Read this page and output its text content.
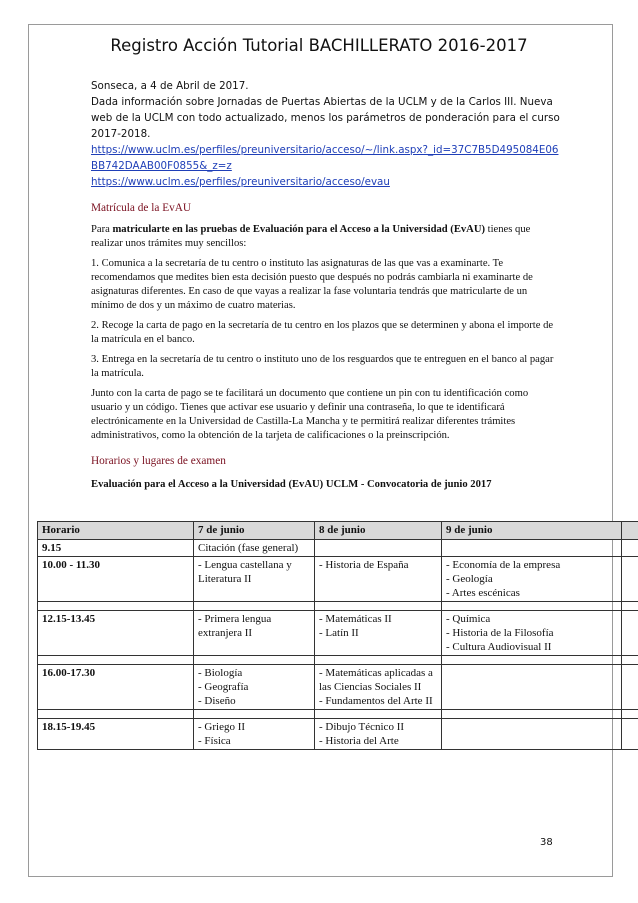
Registro Acción Tutorial BACHILLERATO 2016-2017

Sonseca, a 4 de Abril de 2017.

Dada información sobre Jornadas de Puertas Abiertas de la UCLM y de la Carlos III. Nueva web de la UCLM con todo actualizado, menos los parámetros de ponderación para el curso 2017-2018.

https://www.uclm.es/perfiles/preuniversitario/acceso/~/link.aspx?_id=37C7B5D495084E06BB742DAAB00F0855&_z=z

https://www.uclm.es/perfiles/preuniversitario/acceso/evau

Matrícula de la EvAU

Para matricularte en las pruebas de Evaluación para el Acceso a la Universidad (EvAU) tienes que realizar unos trámites muy sencillos:

1. Comunica a la secretaría de tu centro o instituto las asignaturas de las que vas a examinarte. Te recomendamos que medites bien esta decisión puesto que después no podrás cambiarla ni examinarte de asignaturas diferentes. En caso de que vayas a realizar la fase voluntaria tendrás que matricularte de un mínimo de dos y un máximo de cuatro materias.

2. Recoge la carta de pago en la secretaría de tu centro en los plazos que se determinen y abona el importe de la matrícula en el banco.

3. Entrega en la secretaría de tu centro o instituto uno de los resguardos que te entreguen en el banco al pagar la matrícula.

Junto con la carta de pago se te facilitará un documento que contiene un pin con tu identificación como usuario y un código. Tienes que activar ese usuario y definir una contraseña, lo que te identificará electrónicamente en la Universidad de Castilla-La Mancha y te permitirá realizar diferentes trámites administrativos, como la obtención de la tarjeta de calificaciones o la preinscripción.

Horarios y lugares de examen

Evaluación para el Acceso a la Universidad (EvAU) UCLM - Convocatoria de junio 2017

Horario	7 de junio	8 de junio	9 de junio	
9.15	Citación (fase general)			

10.00 - 11.30	- Lengua castellana y Literatura II	- Historia de España	- Economía de la empresa
- Geología
- Artes escénicas	

12.15-13.45	- Primera lengua extranjera II	- Matemáticas II
- Latín II	- Química
- Historia de la Filosofía
- Cultura Audiovisual II	

16.00-17.30	- Biología
- Geografía
- Diseño	- Matemáticas aplicadas a las Ciencias Sociales II
- Fundamentos del Arte II		

18.15-19.45	- Griego II
- Física	- Dibujo Técnico II
- Historia del Arte		

38
